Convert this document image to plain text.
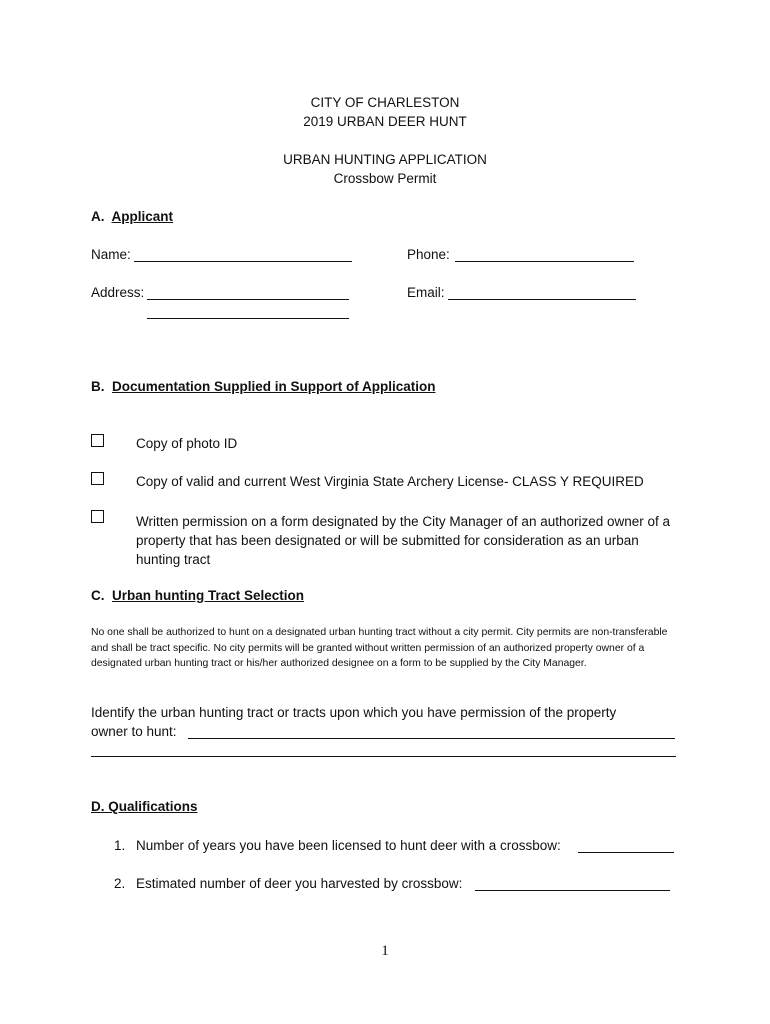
CITY OF CHARLESTON
2019 URBAN DEER HUNT
URBAN HUNTING APPLICATION
Crossbow Permit
A. Applicant
Name:	Phone:
Address:	Email:
B. Documentation Supplied in Support of Application
Copy of photo ID
Copy of valid and current West Virginia State Archery License- CLASS Y REQUIRED
Written permission on a form designated by the City Manager of an authorized owner of a property that has been designated or will be submitted for consideration as an urban hunting tract
C. Urban hunting Tract Selection
No one shall be authorized to hunt on a designated urban hunting tract without a city permit. City permits are non-transferable and shall be tract specific. No city permits will be granted without written permission of an authorized property owner of a designated urban hunting tract or his/her authorized designee on a form to be supplied by the City Manager.
Identify the urban hunting tract or tracts upon which you have permission of the property
owner to hunt:
D. Qualifications
1. Number of years you have been licensed to hunt deer with a crossbow:
2. Estimated number of deer you harvested by crossbow:
1
